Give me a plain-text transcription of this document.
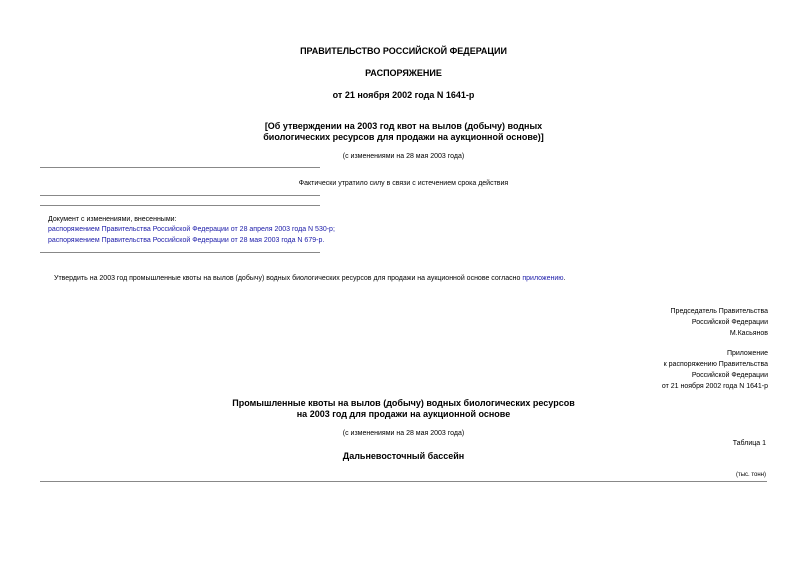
ПРАВИТЕЛЬСТВО РОССИЙСКОЙ ФЕДЕРАЦИИ
РАСПОРЯЖЕНИЕ
от 21 ноября 2002 года N 1641-р
[Об утверждении на 2003 год квот на вылов (добычу) водных
биологических ресурсов для продажи на аукционной основе)]
(с изменениями на 28 мая 2003 года)
Фактически утратило силу в связи с истечением срока действия
Документ с изменениями, внесенными:
распоряжением Правительства Российской Федерации от 28 апреля 2003 года N 530-р;
распоряжением Правительства Российской Федерации от 28 мая 2003 года N 679-р.
Утвердить на 2003 год промышленные квоты на вылов (добычу) водных биологических ресурсов для продажи на аукционной основе согласно приложению.
Председатель Правительства
Российской Федерации
М.Касьянов
Приложение
к распоряжению Правительства
Российской Федерации
от 21 ноября 2002 года N 1641-р
Промышленные квоты на вылов (добычу) водных биологических ресурсов
на 2003 год для продажи на аукционной основе
(с изменениями на 28 мая 2003 года)
Таблица 1
Дальневосточный бассейн
(тыс. тонн)
